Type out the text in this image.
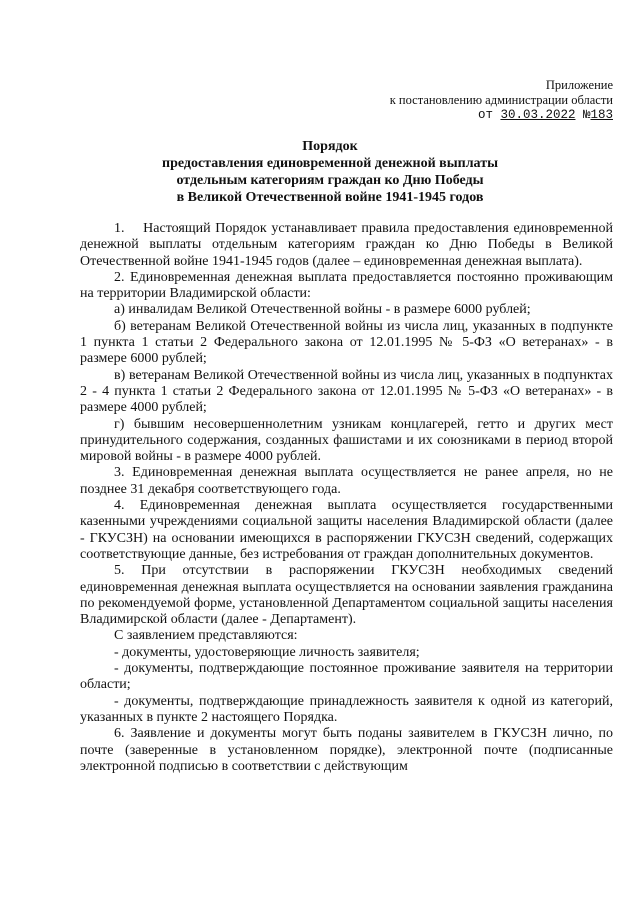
Приложение
к постановлению администрации области
от 30.03.2022 №183
Порядок
предоставления единовременной денежной выплаты
отдельным категориям граждан ко Дню Победы
в Великой Отечественной войне 1941-1945 годов

1.    Настоящий Порядок устанавливает правила предоставления единовременной денежной выплаты отдельным категориям граждан ко Дню Победы в Великой Отечественной войне 1941-1945 годов (далее – единовременная денежная выплата).

2. Единовременная денежная выплата предоставляется постоянно проживающим на территории Владимирской области:

а) инвалидам Великой Отечественной войны - в размере 6000 рублей;

б) ветеранам Великой Отечественной войны из числа лиц, указанных в подпункте 1 пункта 1 статьи 2 Федерального закона от 12.01.1995 № 5-ФЗ «О ветеранах» - в размере 6000 рублей;

в) ветеранам Великой Отечественной войны из числа лиц, указанных в подпунктах 2 - 4 пункта 1 статьи 2 Федерального закона от 12.01.1995 № 5-ФЗ «О ветеранах» - в размере 4000 рублей;

г) бывшим несовершеннолетним узникам концлагерей, гетто и других мест принудительного содержания, созданных фашистами и их союзниками в период второй мировой войны - в размере 4000 рублей.

3. Единовременная денежная выплата осуществляется не ранее апреля, но не позднее 31 декабря соответствующего года.

4. Единовременная денежная выплата осуществляется государственными казенными учреждениями социальной защиты населения Владимирской области (далее - ГКУСЗН) на основании имеющихся в распоряжении ГКУСЗН сведений, содержащих соответствующие данные, без истребования от граждан дополнительных документов.

5. При отсутствии в распоряжении ГКУСЗН необходимых сведений единовременная денежная выплата осуществляется на основании заявления гражданина по рекомендуемой форме, установленной Департаментом социальной защиты населения Владимирской области (далее - Департамент).

С заявлением представляются:

- документы, удостоверяющие личность заявителя;

- документы, подтверждающие постоянное проживание заявителя на территории области;

- документы, подтверждающие принадлежность заявителя к одной из категорий, указанных в пункте 2 настоящего Порядка.

6. Заявление и документы могут быть поданы заявителем в ГКУСЗН лично, по почте (заверенные в установленном порядке), электронной почте (подписанные электронной подписью в соответствии с действующим
